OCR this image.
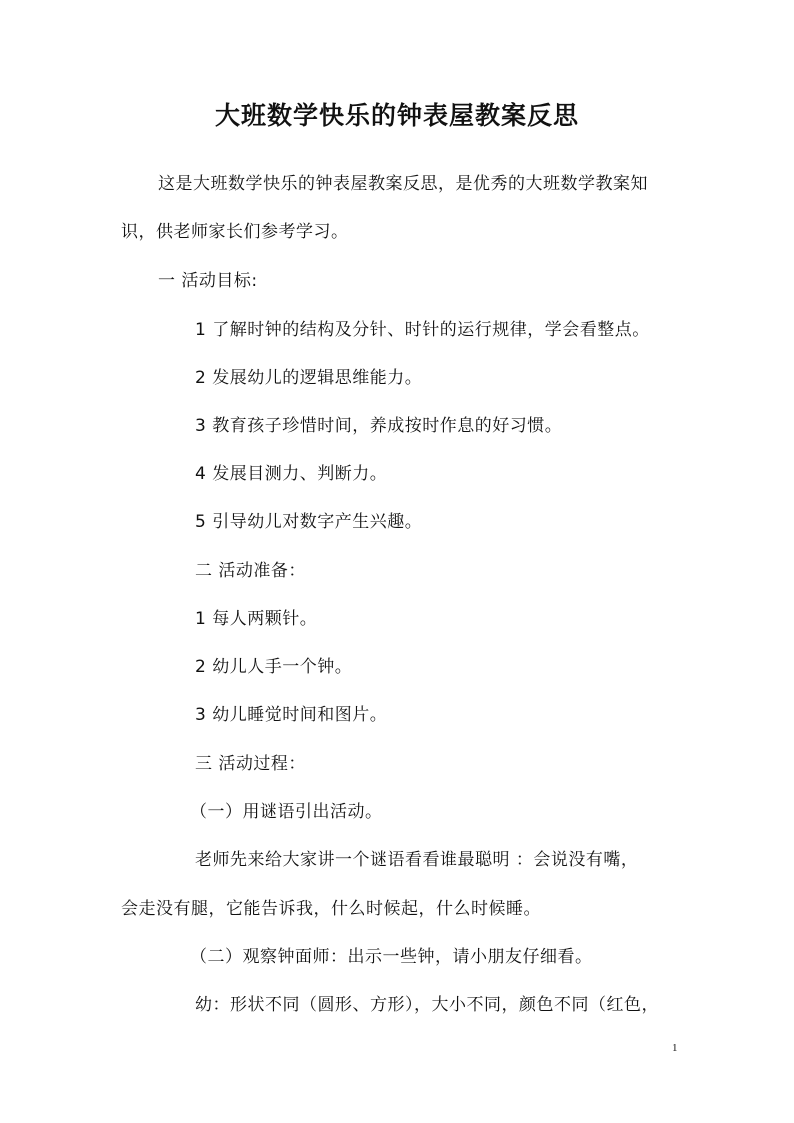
大班数学快乐的钟表屋教案反思
这是大班数学快乐的钟表屋教案反思，是优秀的大班数学教案知
识，供老师家长们参考学习。
一 活动目标:
1 了解时钟的结构及分针、时针的运行规律，学会看整点。
2 发展幼儿的逻辑思维能力。
3 教育孩子珍惜时间，养成按时作息的好习惯。
4 发展目测力、判断力。
5 引导幼儿对数字产生兴趣。
二 活动准备：
1 每人两颗针。
2 幼儿人手一个钟。
3 幼儿睡觉时间和图片。
三 活动过程：
（一）用谜语引出活动。
老师先来给大家讲一个谜语看看谁最聪明 ：会说没有嘴，
会走没有腿，它能告诉我，什么时候起，什么时候睡。
（二）观察钟面师：出示一些钟，请小朋友仔细看。
幼：形状不同（圆形、方形），大小不同，颜色不同（红色，
1
